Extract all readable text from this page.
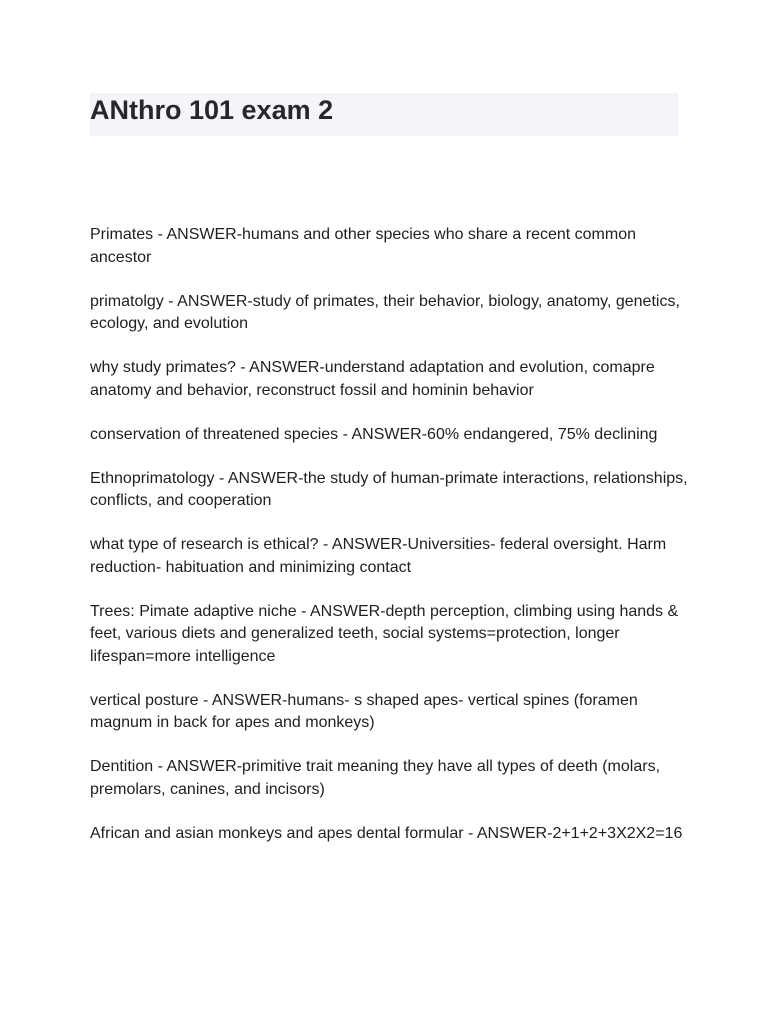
ANthro 101 exam 2
Primates - ANSWER-humans and other species who share a recent common ancestor
primatolgy - ANSWER-study of primates, their behavior, biology, anatomy, genetics, ecology, and evolution
why study primates? - ANSWER-understand adaptation and evolution, comapre anatomy and behavior, reconstruct fossil and hominin behavior
conservation of threatened species - ANSWER-60% endangered, 75% declining
Ethnoprimatology - ANSWER-the study of human-primate interactions, relationships, conflicts, and cooperation
what type of research is ethical? - ANSWER-Universities- federal oversight. Harm reduction- habituation and minimizing contact
Trees: Pimate adaptive niche - ANSWER-depth perception, climbing using hands & feet, various diets and generalized teeth, social systems=protection, longer lifespan=more intelligence
vertical posture - ANSWER-humans- s shaped apes- vertical spines (foramen magnum in back for apes and monkeys)
Dentition - ANSWER-primitive trait meaning they have all types of deeth (molars, premolars, canines, and incisors)
African and asian monkeys and apes dental formular - ANSWER-2+1+2+3X2X2=16
